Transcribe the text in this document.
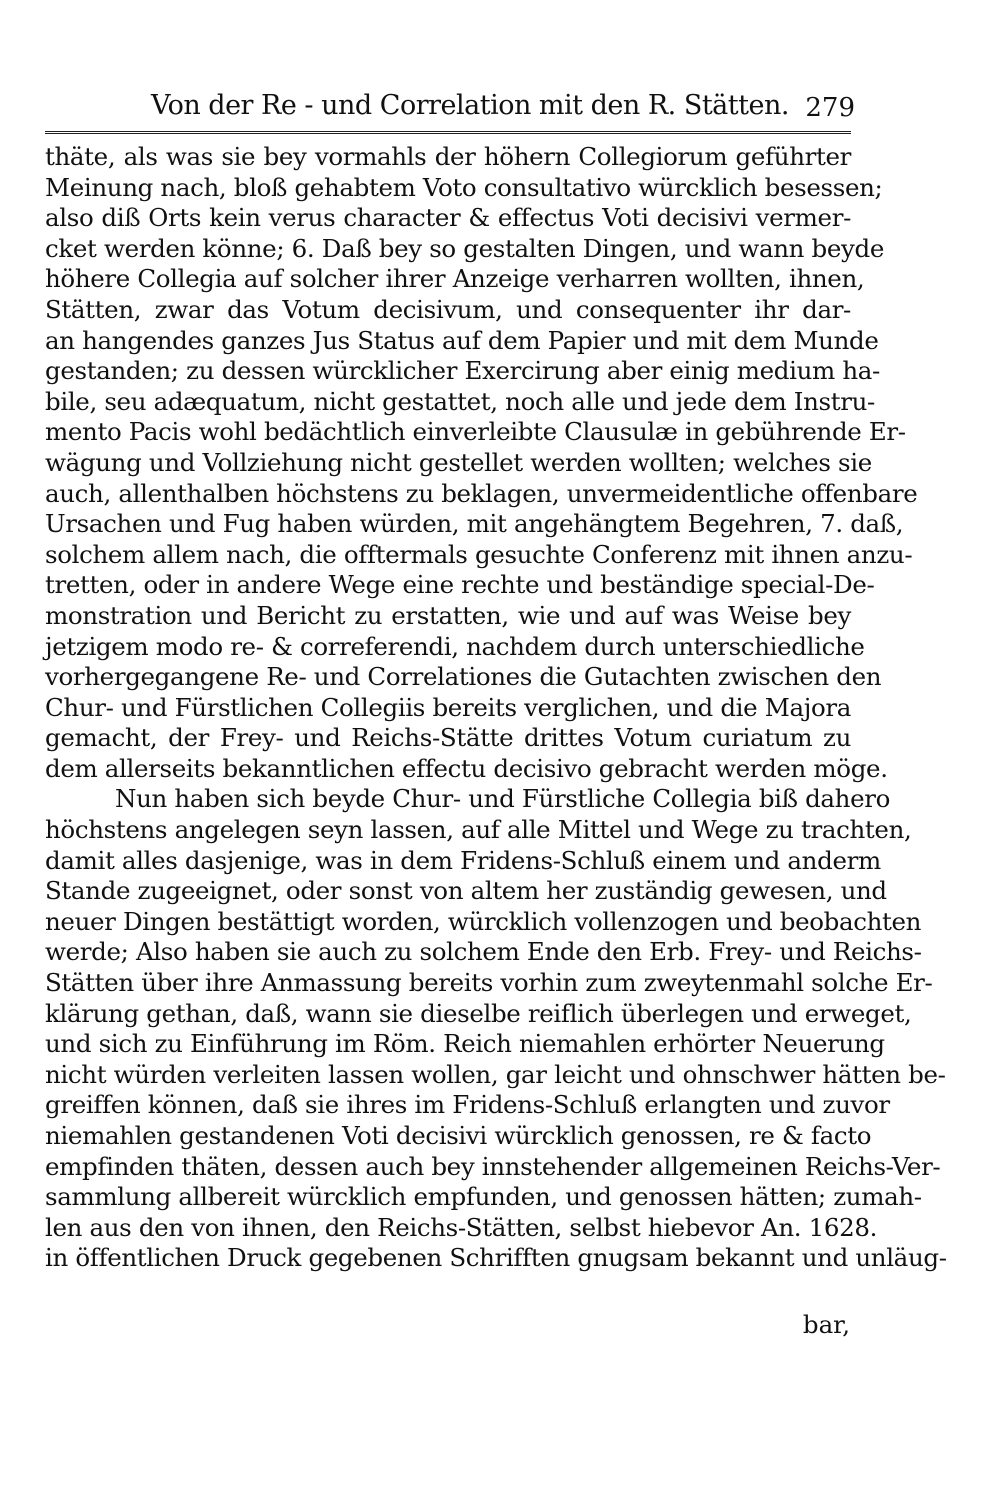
Von der Re - und Correlation mit den R. Stätten. 279
thäte, als was sie bey vormahls der höhern Collegiorum geführter
Meinung nach, bloß gehabtem Voto consultativo würcklich besessen;
also diß Orts kein verus character & effectus Voti decisivi vermer-
cket werden könne; 6. Daß bey so gestalten Dingen, und wann beyde
höhere Collegia auf solcher ihrer Anzeige verharren wollten, ihnen,
Stätten, zwar das Votum decisivum, und consequenter ihr dar-
an hangendes ganzes Jus Status auf dem Papier und mit dem Munde
gestanden; zu dessen würcklicher Exercirung aber einig medium ha-
bile, seu adæquatum, nicht gestattet, noch alle und jede dem Instru-
mento Pacis wohl bedächtlich einverleibte Clausulæ in gebührende Er-
wägung und Vollziehung nicht gestellet werden wollten; welches sie
auch, allenthalben höchstens zu beklagen, unvermeidentliche offenbare
Ursachen und Fug haben würden, mit angehängtem Begehren, 7. daß,
solchem allem nach, die offtermals gesuchte Conferenz mit ihnen anzu-
tretten, oder in andere Wege eine rechte und beständige special-De-
monstration und Bericht zu erstatten, wie und auf was Weise bey
jetzigem modo re- & correferendi, nachdem durch unterschiedliche
vorhergegangene Re- und Correlationes die Gutachten zwischen den
Chur- und Fürstlichen Collegiis bereits verglichen, und die Majora
gemacht, der Frey- und Reichs-Stätte drittes Votum curiatum zu
dem allerseits bekanntlichen effectu decisivo gebracht werden möge.
Nun haben sich beyde Chur- und Fürstliche Collegia biß dahero
höchstens angelegen seyn lassen, auf alle Mittel und Wege zu trachten,
damit alles dasjenige, was in dem Fridens-Schluß einem und anderm
Stande zugeeignet, oder sonst von altem her zuständig gewesen, und
neuer Dingen bestättigt worden, würcklich vollenzogen und beobachten
werde; Also haben sie auch zu solchem Ende den Erb. Frey- und Reichs-
Stätten über ihre Anmassung bereits vorhin zum zweytenmahl solche Er-
klärung gethan, daß, wann sie dieselbe reiflich überlegen und erweget,
und sich zu Einführung im Röm. Reich niemahlen erhörter Neuerung
nicht würden verleiten lassen wollen, gar leicht und ohnschwer hätten be-
greiffen können, daß sie ihres im Fridens-Schluß erlangten und zuvor
niemahlen gestandenen Voti decisivi würcklich genossen, re & facto
empfinden thäten, dessen auch bey innstehender allgemeinen Reichs-Ver-
sammlung allbereit würcklich empfunden, und genossen hätten; zumah-
len aus den von ihnen, den Reichs-Stätten, selbst hiebevor An. 1628.
in öffentlichen Druck gegebenen Schrifften gnugsam bekannt und unläug-
bar,
